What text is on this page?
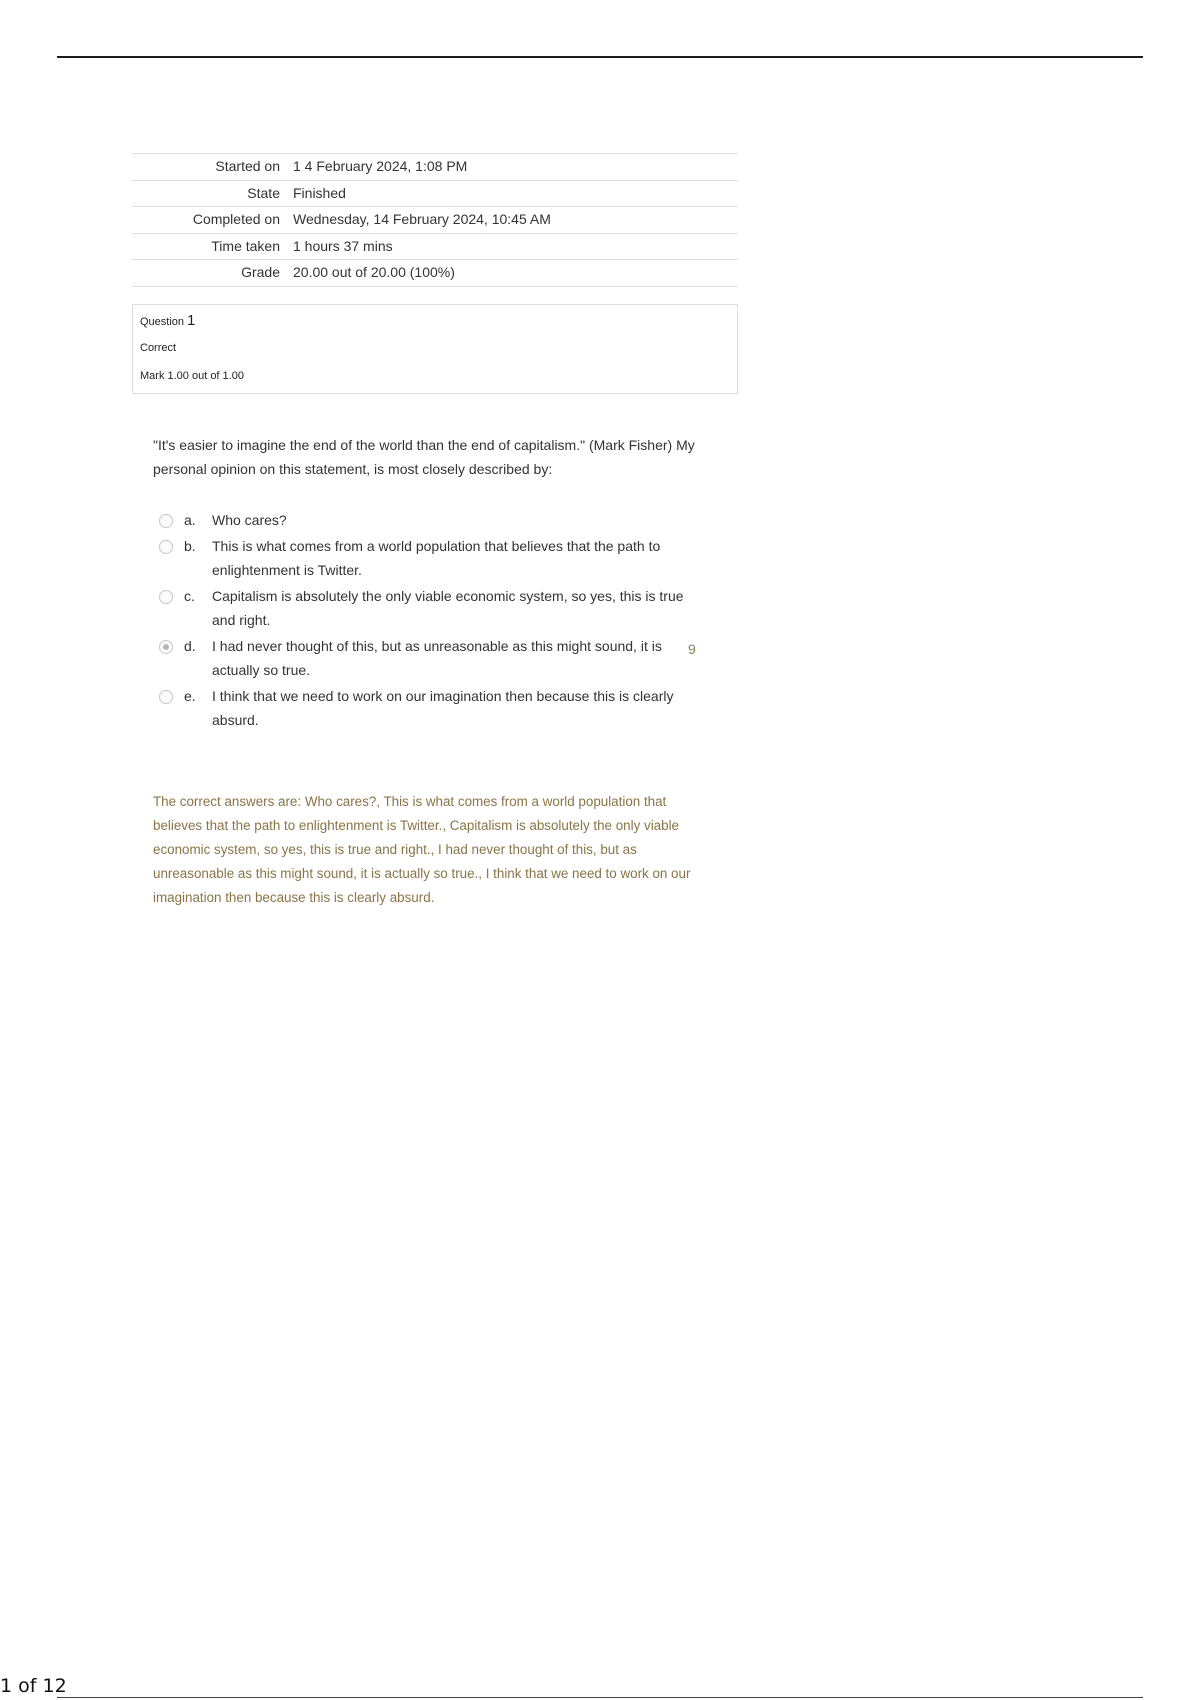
Started on 1 4 February 2024, 1:08 PM
State Finished
Completed on Wednesday, 14 February 2024, 10:45 AM
Time taken 1 hours 37 mins
Grade 20.00 out of 20.00 (100%)
Question 1
Correct
Mark 1.00 out of 1.00
"It's easier to imagine the end of the world than the end of capitalism." (Mark Fisher) My personal opinion on this statement, is most closely described by:
a. Who cares?
b. This is what comes from a world population that believes that the path to enlightenment is Twitter.
c. Capitalism is absolutely the only viable economic system, so yes, this is true and right.
d. I had never thought of this, but as unreasonable as this might sound, it is actually so true.
e. I think that we need to work on our imagination then because this is clearly absurd.
9
The correct answers are: Who cares?, This is what comes from a world population that believes that the path to enlightenment is Twitter., Capitalism is absolutely the only viable economic system, so yes, this is true and right., I had never thought of this, but as unreasonable as this might sound, it is actually so true., I think that we need to work on our imagination then because this is clearly absurd.
1 of 12
